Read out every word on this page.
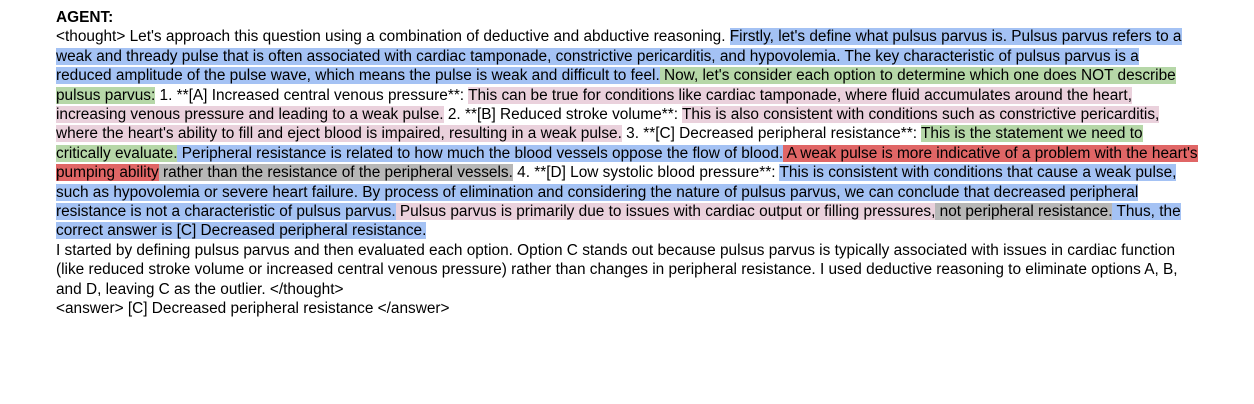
AGENT:
<thought> Let's approach this question using a combination of deductive and abductive reasoning. Firstly, let's define what pulsus parvus is. Pulsus parvus refers to a weak and thready pulse that is often associated with cardiac tamponade, constrictive pericarditis, and hypovolemia. The key characteristic of pulsus parvus is a reduced amplitude of the pulse wave, which means the pulse is weak and difficult to feel. Now, let's consider each option to determine which one does NOT describe pulsus parvus: 1. **[A] Increased central venous pressure**: This can be true for conditions like cardiac tamponade, where fluid accumulates around the heart, increasing venous pressure and leading to a weak pulse. 2. **[B] Reduced stroke volume**: This is also consistent with conditions such as constrictive pericarditis, where the heart's ability to fill and eject blood is impaired, resulting in a weak pulse. 3. **[C] Decreased peripheral resistance**: This is the statement we need to critically evaluate. Peripheral resistance is related to how much the blood vessels oppose the flow of blood. A weak pulse is more indicative of a problem with the heart's pumping ability rather than the resistance of the peripheral vessels. 4. **[D] Low systolic blood pressure**: This is consistent with conditions that cause a weak pulse, such as hypovolemia or severe heart failure. By process of elimination and considering the nature of pulsus parvus, we can conclude that decreased peripheral resistance is not a characteristic of pulsus parvus. Pulsus parvus is primarily due to issues with cardiac output or filling pressures, not peripheral resistance. Thus, the correct answer is [C] Decreased peripheral resistance.
I started by defining pulsus parvus and then evaluated each option. Option C stands out because pulsus parvus is typically associated with issues in cardiac function (like reduced stroke volume or increased central venous pressure) rather than changes in peripheral resistance. I used deductive reasoning to eliminate options A, B, and D, leaving C as the outlier. </thought>
<answer> [C] Decreased peripheral resistance </answer>
